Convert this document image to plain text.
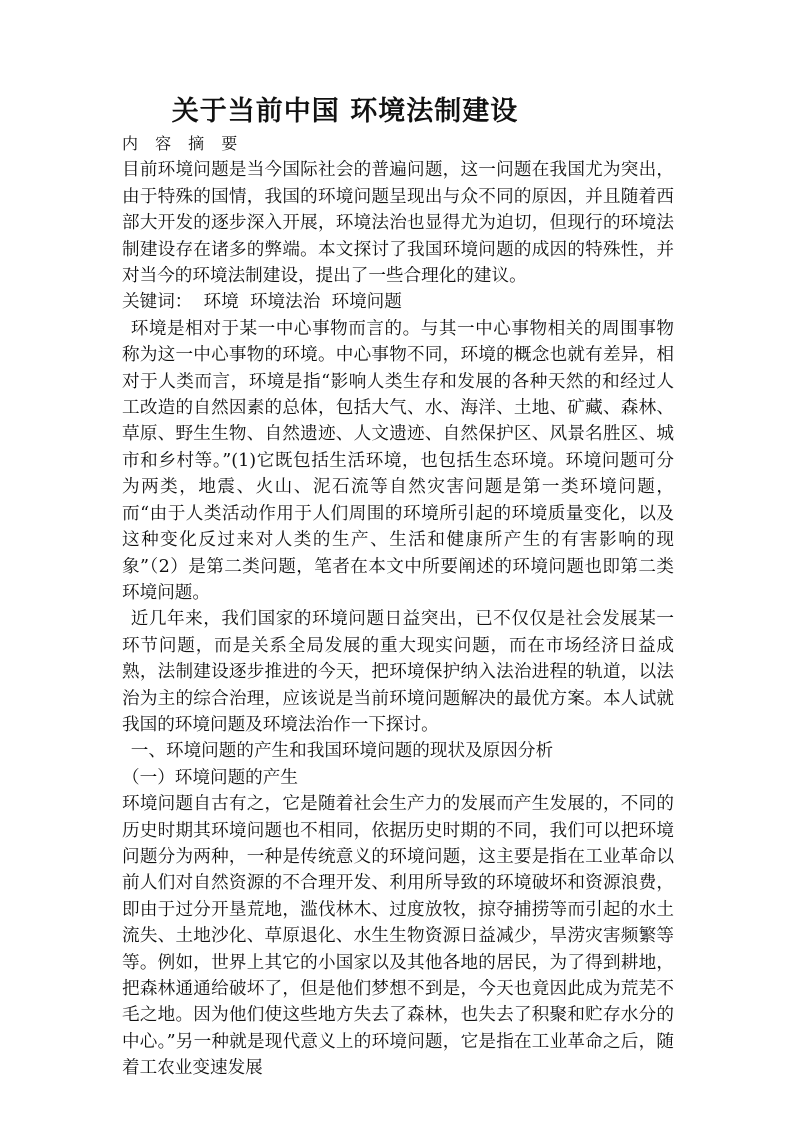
关于当前中国 环境法制建设

内 容 摘 要

目前环境问题是当今国际社会的普遍问题，这一问题在我国尤为突出，由于特殊的国情，我国的环境问题呈现出与众不同的原因，并且随着西部大开发的逐步深入开展，环境法治也显得尤为迫切，但现行的环境法制建设存在诸多的弊端。本文探讨了我国环境问题的成因的特殊性，并对当今的环境法制建设，提出了一些合理化的建议。

关键词：  环境  环境法治  环境问题

环境是相对于某一中心事物而言的。与其一中心事物相关的周围事物称为这一中心事物的环境。中心事物不同，环境的概念也就有差异，相对于人类而言，环境是指“影响人类生存和发展的各种天然的和经过人工改造的自然因素的总体，包括大气、水、海洋、土地、矿藏、森林、草原、野生生物、自然遗迹、人文遗迹、自然保护区、风景名胜区、城市和乡村等。”(1)它既包括生活环境，也包括生态环境。环境问题可分为两类，地震、火山、泥石流等自然灾害问题是第一类环境问题，而“由于人类活动作用于人们周围的环境所引起的环境质量变化，以及这种变化反过来对人类的生产、生活和健康所产生的有害影响的现象”（2）是第二类问题，笔者在本文中所要阐述的环境问题也即第二类环境问题。

近几年来，我们国家的环境问题日益突出，已不仅仅是社会发展某一环节问题，而是关系全局发展的重大现实问题，而在市场经济日益成熟，法制建设逐步推进的今天，把环境保护纳入法治进程的轨道，以法治为主的综合治理，应该说是当前环境问题解决的最优方案。本人试就我国的环境问题及环境法治作一下探讨。

一、环境问题的产生和我国环境问题的现状及原因分析

（一）环境问题的产生

环境问题自古有之，它是随着社会生产力的发展而产生发展的，不同的历史时期其环境问题也不相同，依据历史时期的不同，我们可以把环境问题分为两种，一种是传统意义的环境问题，这主要是指在工业革命以前人们对自然资源的不合理开发、利用所导致的环境破坏和资源浪费，即由于过分开垦荒地，滥伐林木、过度放牧，掠夺捕捞等而引起的水土流失、土地沙化、草原退化、水生生物资源日益减少，旱涝灾害频繁等等。例如，世界上其它的小国家以及其他各地的居民，为了得到耕地，把森林通通给破坏了，但是他们梦想不到是，今天也竟因此成为荒芜不毛之地。因为他们使这些地方失去了森林，也失去了积聚和贮存水分的中心。”另一种就是现代意义上的环境问题，它是指在工业革命之后，随着工农业变速发展
